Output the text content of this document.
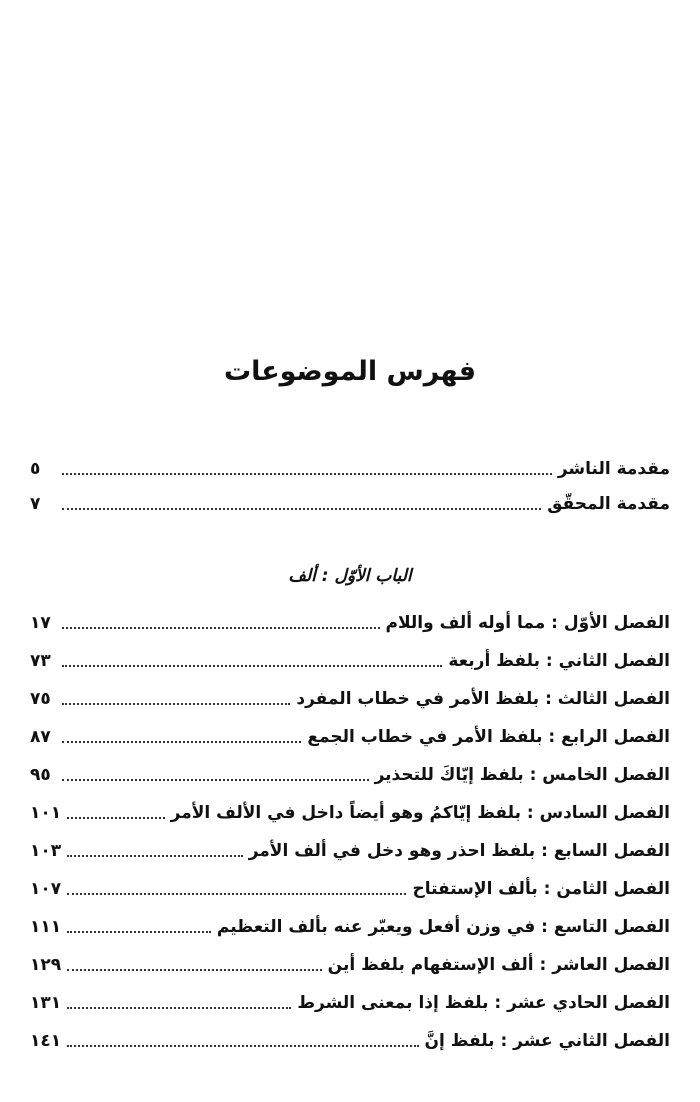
فهرس الموضوعات
مقدمة الناشر
٥
مقدمة المحقّق
٧
الباب الأوّل : ألف
الفصل الأوّل : مما أوله ألف واللام
١٧
الفصل الثاني : بلفظ أربعة
٧٣
الفصل الثالث : بلفظ الأمر في خطاب المفرد
٧٥
الفصل الرابع : بلفظ الأمر في خطاب الجمع
٨٧
الفصل الخامس : بلفظ إيّاكَ للتحذير
٩٥
الفصل السادس : بلفظ إيّاكمُ وهو أيضاً داخل في الألف الأمر
١٠١
الفصل السابع : بلفظ احذر وهو دخل في ألف الأمر
١٠٣
الفصل الثامن : بألف الإستفتاح
١٠٧
الفصل التاسع : في وزن أفعل ويعبّر عنه بألف التعظيم
١١١
الفصل العاشر : ألف الإستفهام بلفظ أين
١٢٩
الفصل الحادي عشر : بلفظ إذا بمعنى الشرط
١٣١
الفصل الثاني عشر : بلفظ إنَّ
١٤١
